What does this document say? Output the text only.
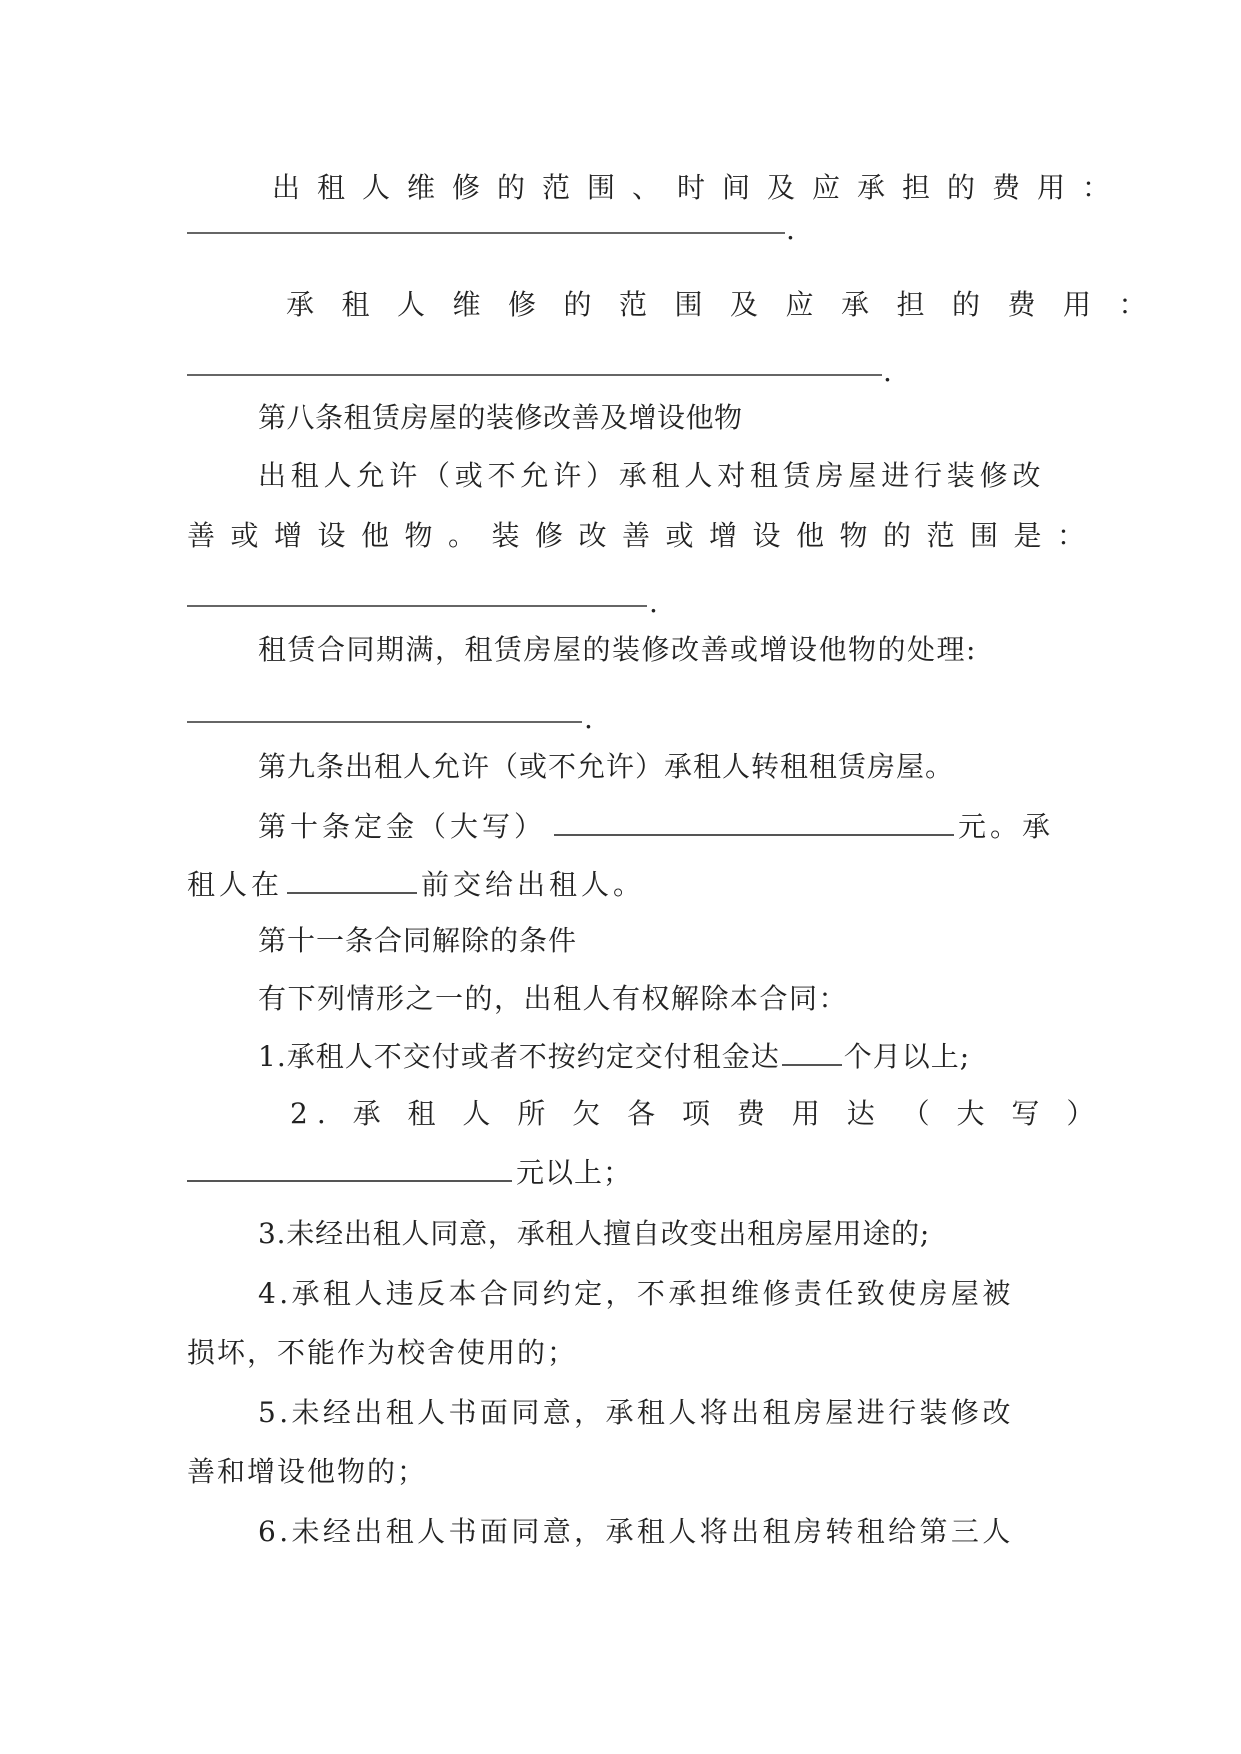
出租人维修的范围、时间及应承担的费用：
.
承租人维修的范围及应承担的费用：
.
第八条租赁房屋的装修改善及增设他物
出租人允许（或不允许）承租人对租赁房屋进行装修改
善或增设他物。装修改善或增设他物的范围是：
.
租赁合同期满，租赁房屋的装修改善或增设他物的处理:
.
第九条出租人允许（或不允许）承租人转租租赁房屋。
第十条定金（大写）	元。承
租人在	前交给出租人。
第十一条合同解除的条件
有下列情形之一的，出租人有权解除本合同：
1.承租人不交付或者不按约定交付租金达 个月以上;
2. 承 租 人 所 欠 各 项 费 用 达 （ 大 写 ）
元以上；
3.未经出租人同意，承租人擅自改变出租房屋用途的;
4.承租人违反本合同约定，不承担维修责任致使房屋被
损坏，不能作为校舍使用的；
5.未经出租人书面同意，承租人将出租房屋进行装修改
善和增设他物的；
6.未经出租人书面同意，承租人将出租房转租给第三人
